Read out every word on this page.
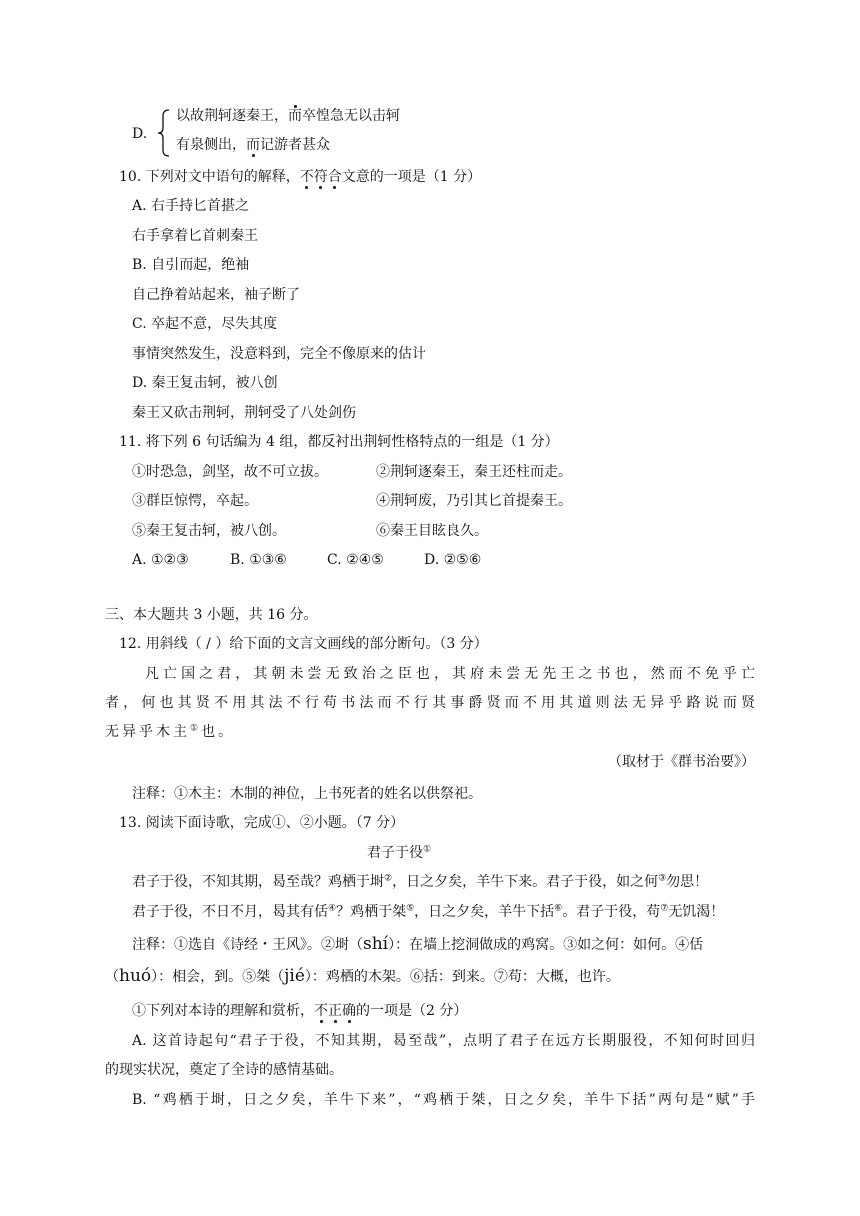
D.
以故荆轲逐秦王，而卒惶急无以击轲
有泉侧出，而记游者甚众
10. 下列对文中语句的解释，不符合文意的一项是（1 分）
A. 右手持匕首揕之
右手拿着匕首刺秦王
B. 自引而起，绝袖
自己挣着站起来，袖子断了
C. 卒起不意，尽失其度
事情突然发生，没意料到，完全不像原来的估计
D. 秦王复击轲，被八创
秦王又砍击荆轲，荆轲受了八处剑伤
11. 将下列 6 句话编为 4 组，都反衬出荆轲性格特点的一组是（1 分）
①时恐急，剑坚，故不可立拔。	②荆轲逐秦王，秦王还柱而走。
③群臣惊愕，卒起。	④荆轲废，乃引其匕首提秦王。
⑤秦王复击轲，被八创。	⑥秦王目眩良久。
A. ①②③	B. ①③⑥	C. ②④⑤	D. ②⑤⑥
三、本大题共 3 小题，共 16 分。
12. 用斜线（ / ）给下面的文言文画线的部分断句。（3 分）
凡亡国之君，其朝未尝无致治之臣也，其府未尝无先王之书也，然而不免乎亡
者，何也其贤不用其法不行苟书法而不行其事爵贤而不用其道则法无异乎路说而贤
无异乎木主①也。
（取材于《群书治要》）
注释：①木主：木制的神位，上书死者的姓名以供祭祀。
13. 阅读下面诗歌，完成①、②小题。（7 分）
君子于役①
君子于役，不知其期，曷至哉？鸡栖于埘②，日之夕矣，羊牛下来。君子于役，如之何③勿思！
君子于役，不日不月，曷其有佸④？鸡栖于桀⑤，日之夕矣，羊牛下括⑥。君子于役，苟⑦无饥渴！
注释：①选自《诗经・王风》。②埘（shí）：在墙上挖洞做成的鸡窝。③如之何：如何。④佸
（huó）：相会，到。⑤桀（jié）：鸡栖的木架。⑥括：到来。⑦苟：大概，也许。
①下列对本诗的理解和赏析，不正确的一项是（2 分）
A. 这首诗起句“君子于役，不知其期，曷至哉”，点明了君子在远方长期服役，不知何时回归
的现实状况，奠定了全诗的感情基础。
B. “鸡栖于埘，日之夕矣，羊牛下来”，“鸡栖于桀，日之夕矣，羊牛下括”两句是“赋”手
